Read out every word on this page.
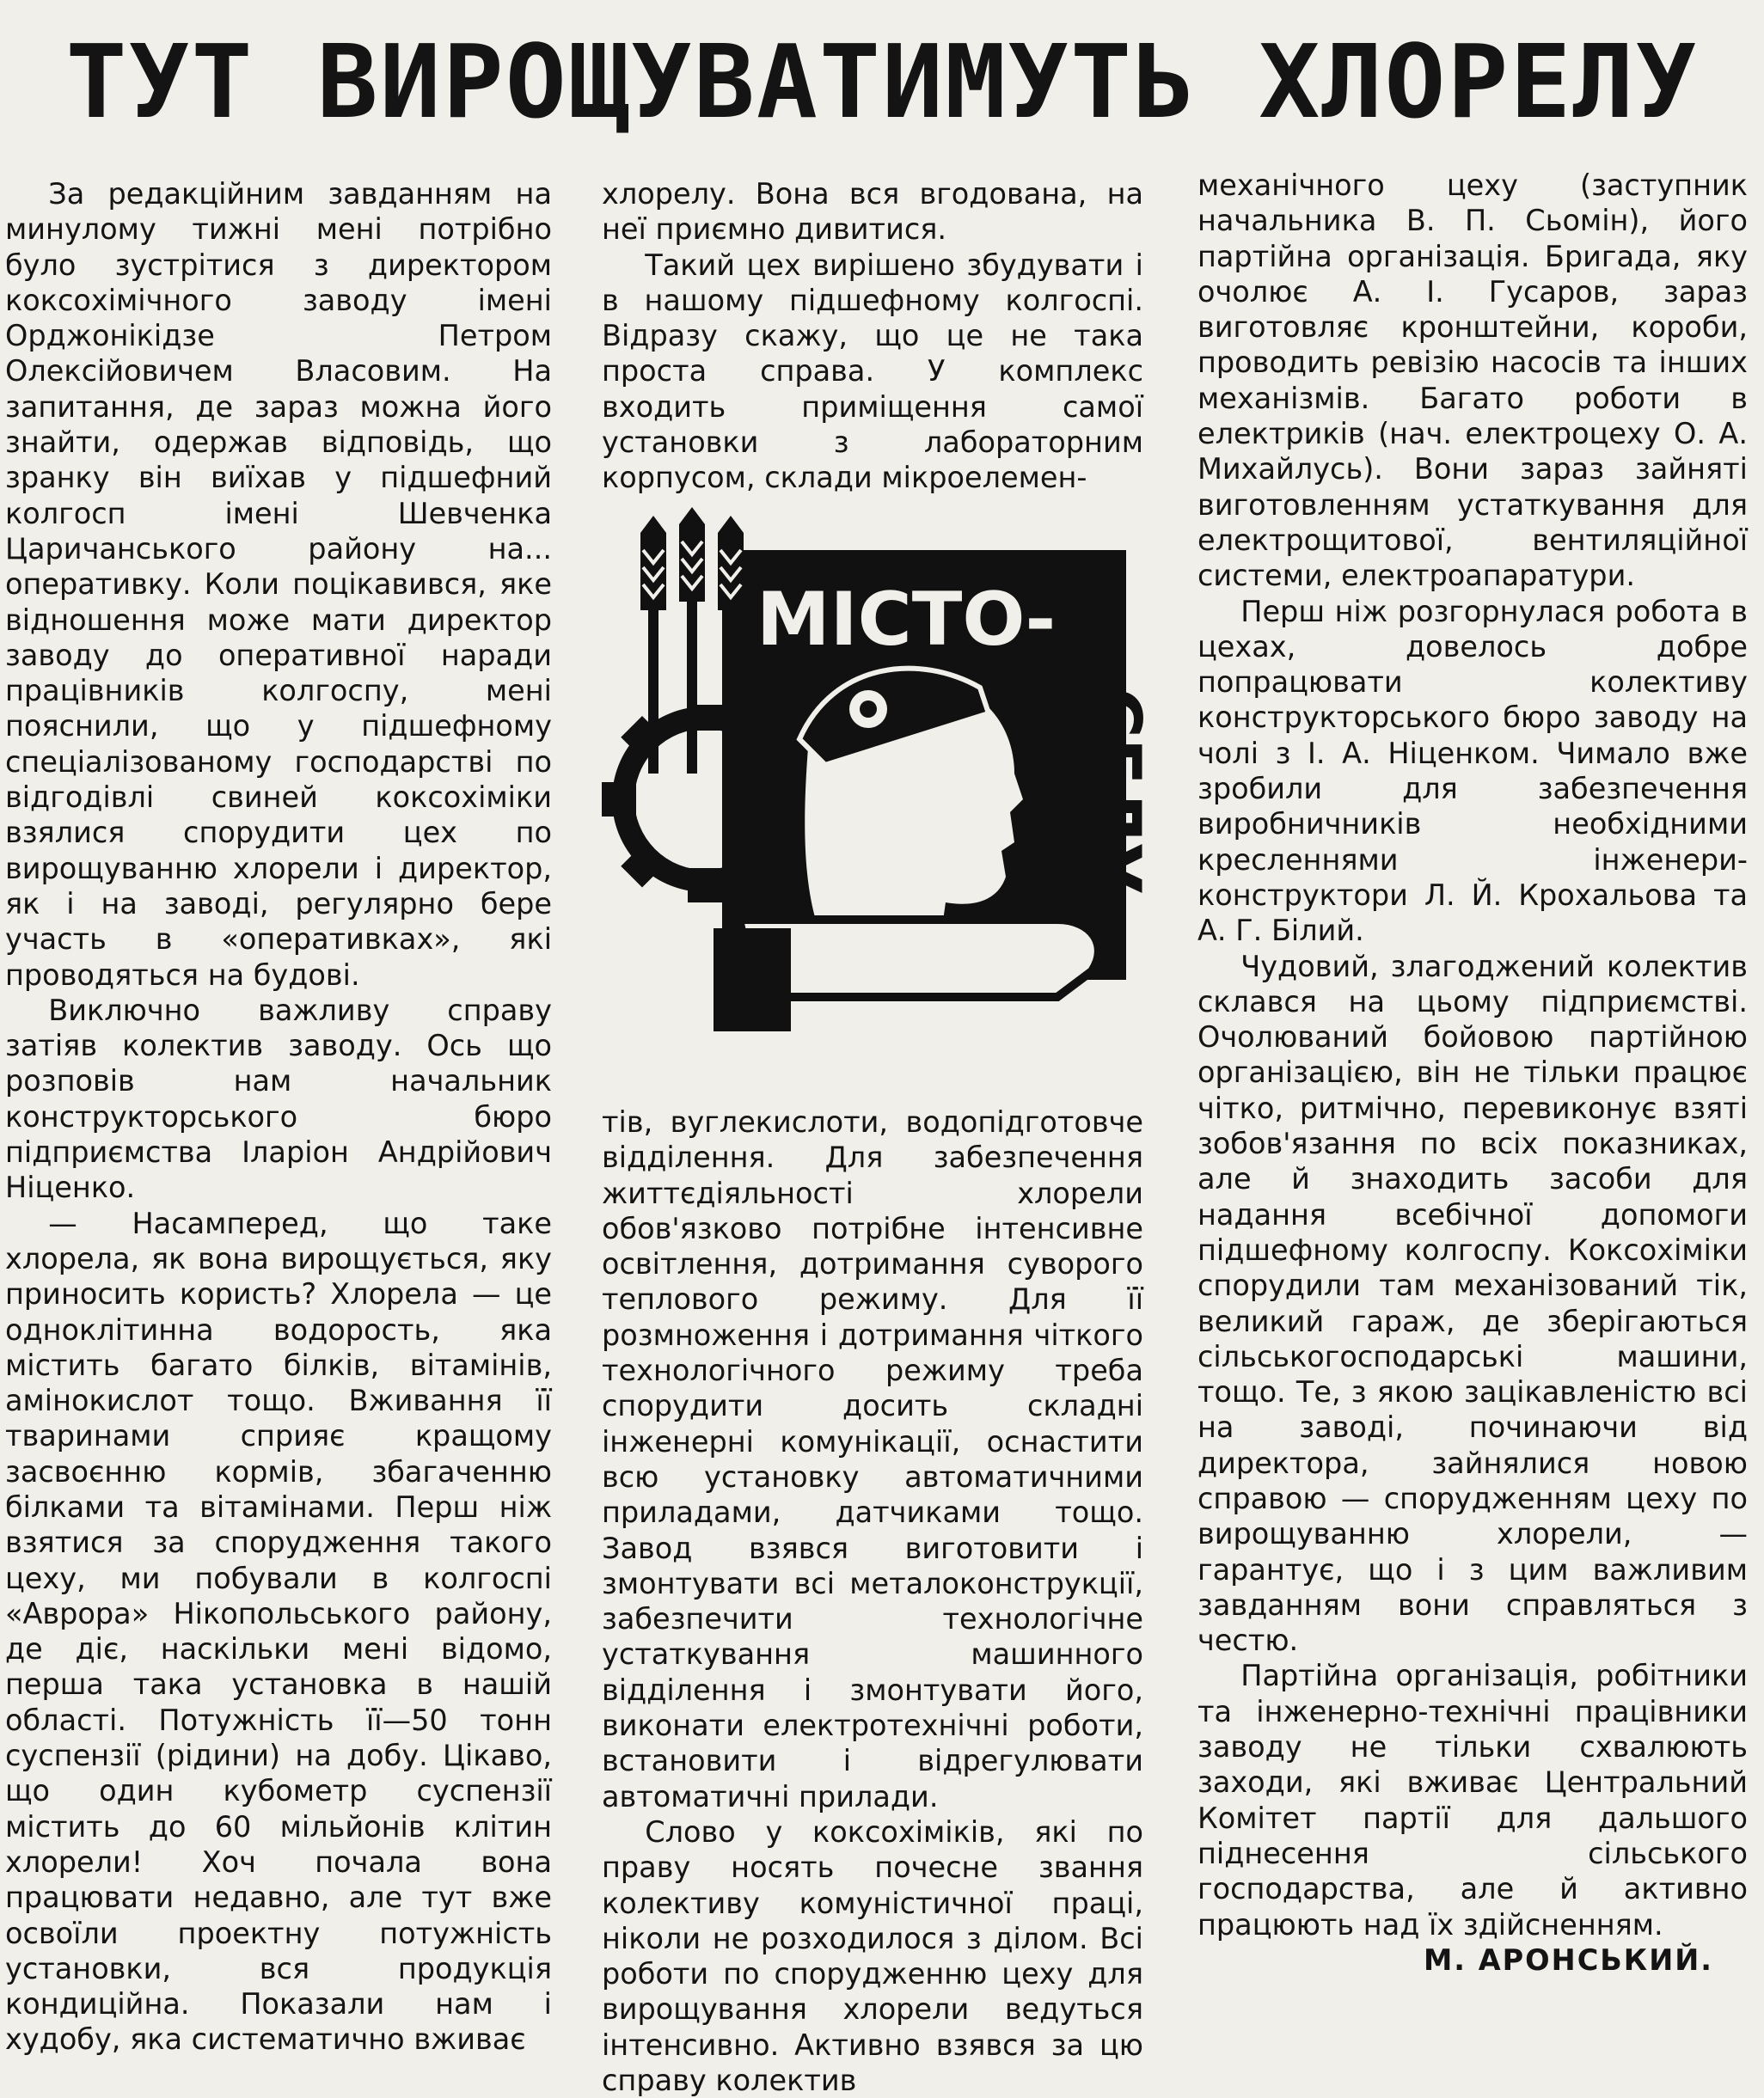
ТУТ ВИРОЩУВАТИМУТЬ ХЛОРЕЛУ

За редакційним завданням на минулому тижні мені потрібно було зустрітися з директором коксохімічного заводу імені Орджонікідзе Петром Олексійовичем Власовим. На запитання, де зараз можна його знайти, одержав відповідь, що зранку він виїхав у підшефний колгосп імені Шевченка Царичанського району на... оперативку. Коли поцікавився, яке відношення може мати директор заводу до оперативної наради працівників колгоспу, мені пояснили, що у підшефному спеціалізованому господарстві по відгодівлі свиней коксохіміки взялися спорудити цех по вирощуванню хлорели і директор, як і на заводі, регулярно бере участь в «оперативках», які проводяться на будові.

Виключно важливу справу затіяв колектив заводу. Ось що розповів нам начальник конструкторського бюро підприємства Іларіон Андрійович Ніценко.

— Насамперед, що таке хлорела, як вона вирощується, яку приносить користь? Хлорела — це одноклітинна водорость, яка містить багато білків, вітамінів, амінокислот тощо. Вживання її тваринами сприяє кращому засвоєнню кормів, збагаченню білками та вітамінами. Перш ніж взятися за спорудження такого цеху, ми побували в колгоспі «Аврора» Нікопольського району, де діє, наскільки мені відомо, перша така установка в нашій області. Потужність її—50 тонн суспензії (рідини) на добу. Цікаво, що один кубометр суспензії містить до 60 мільйонів клітин хлорели! Хоч почала вона працювати недавно, але тут вже освоїли проектну потужність установки, вся продукція кондиційна. Показали нам і худобу, яка систематично вживає

хлорелу. Вона вся вгодована, на неї приємно дивитися.

Такий цех вирішено збудувати і в нашому підшефному колгоспі. Відразу скажу, що це не така проста справа. У комплекс входить приміщення самої установки з лабораторним корпусом, склади мікроелемен-

МІСТО-
СЕЛУ

тів, вуглекислоти, водопідготовче відділення. Для забезпечення життєдіяльності хлорели обов'язково потрібне інтенсивне освітлення, дотримання суворого теплового режиму. Для її розмноження і дотримання чіткого технологічного режиму треба спорудити досить складні інженерні комунікації, оснастити всю установку автоматичними приладами, датчиками тощо. Завод взявся виготовити і змонтувати всі металоконструкції, забезпечити технологічне устаткування машинного відділення і змонтувати його, виконати електротехнічні роботи, встановити і відрегулювати автоматичні прилади.

Слово у коксохіміків, які по праву носять почесне звання колективу комуністичної праці, ніколи не розходилося з ділом. Всі роботи по спорудженню цеху для вирощування хлорели ведуться інтенсивно. Активно взявся за цю справу колектив

механічного цеху (заступник начальника В. П. Сьомін), його партійна організація. Бригада, яку очолює А. І. Гусаров, зараз виготовляє кронштейни, короби, проводить ревізію насосів та інших механізмів. Багато роботи в електриків (нач. електроцеху О. А. Михайлусь). Вони зараз зайняті виготовленням устаткування для електрощитової, вентиляційної системи, електроапаратури.

Перш ніж розгорнулася робота в цехах, довелось добре попрацювати колективу конструкторського бюро заводу на чолі з І. А. Ніценком. Чимало вже зробили для забезпечення виробничників необхідними кресленнями інженери-конструктори Л. Й. Крохальова та А. Г. Білий.

Чудовий, злагоджений колектив склався на цьому підприємстві. Очолюваний бойовою партійною організацією, він не тільки працює чітко, ритмічно, перевиконує взяті зобов'язання по всіх показниках, але й знаходить засоби для надання всебічної допомоги підшефному колгоспу. Коксохіміки спорудили там механізований тік, великий гараж, де зберігаються сільськогосподарські машини, тощо. Те, з якою зацікавленістю всі на заводі, починаючи від директора, зайнялися новою справою — спорудженням цеху по вирощуванню хлорели, — гарантує, що і з цим важливим завданням вони справляться з честю.

Партійна організація, робітники та інженерно-технічні працівники заводу не тільки схвалюють заходи, які вживає Центральний Комітет партії для дальшого піднесення сільського господарства, але й активно працюють над їх здійсненням.

М. АРОНСЬКИЙ.
